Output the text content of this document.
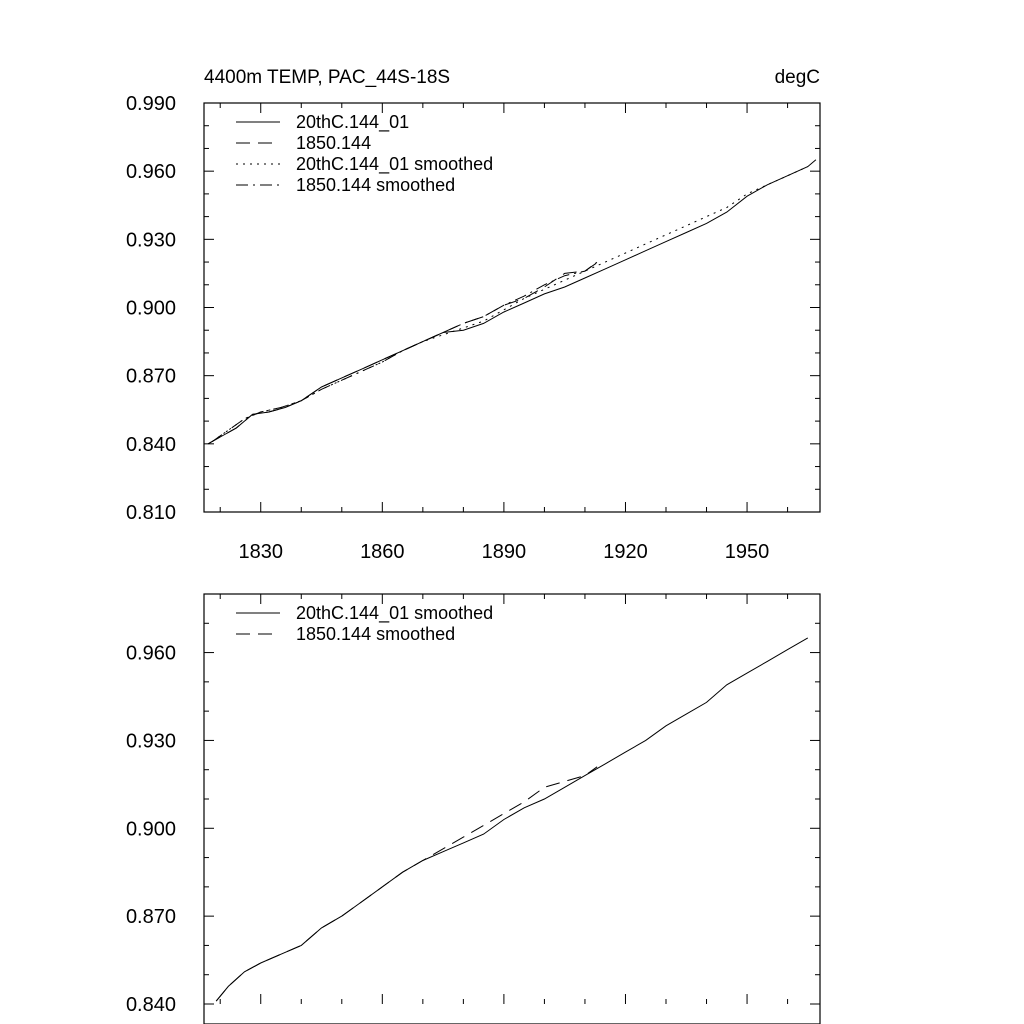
4400m TEMP, PAC_44S-18S	degC
1830	1860	1890	1920	1950
0.810
0.840
0.870
0.900
0.930
0.960
0.990
20thC.144_01
1850.144
20thC.144_01 smoothed
1850.144 smoothed
0.840
0.870
0.900
0.930
0.960
20thC.144_01 smoothed
1850.144 smoothed
